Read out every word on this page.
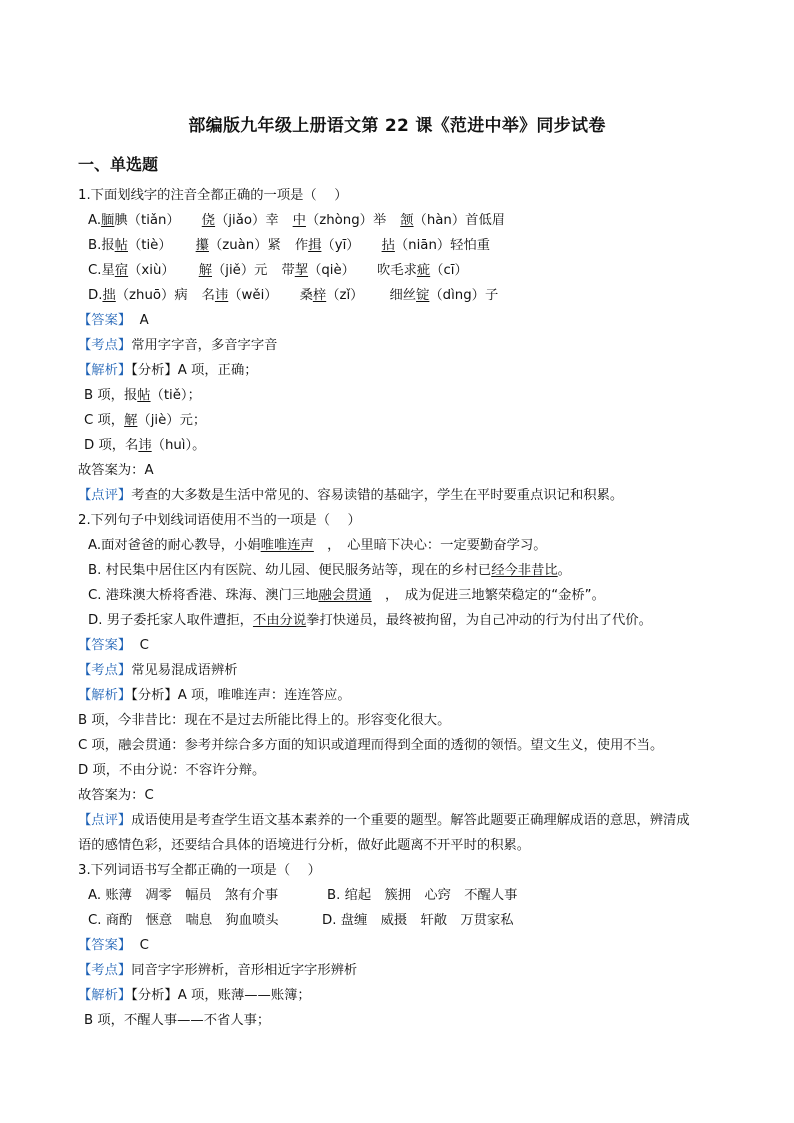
部编版九年级上册语文第 22 课《范进中举》同步试卷
一、单选题
1.下面划线字的注音全都正确的一项是（　 ）
A.腼腆（tiǎn） 侥（jiǎo）幸 中（zhòng）举 颔（hàn）首低眉
B.报帖（tiè） 攥（zuàn）紧 作揖（yī） 拈（niān）轻怕重
C.星宿（xiù） 解（jiě）元 带挈（qiè） 吹毛求疵（cī）
D.拙（zhuō）病 名讳（wěi） 桑梓（zǐ） 细丝锭（dìng）子
【答案】 A
【考点】常用字字音，多音字字音
【解析】【分析】A 项，正确；
B 项，报帖（tiě）；
C 项，解（jiè）元；
D 项，名讳（huì）。
故答案为：A
【点评】考查的大多数是生活中常见的、容易读错的基础字，学生在平时要重点识记和积累。
2.下列句子中划线词语使用不当的一项是（　 ）
A.面对爸爸的耐心教导，小娟唯唯连声　，　心里暗下决心：一定要勤奋学习。
B. 村民集中居住区内有医院、幼儿园、便民服务站等，现在的乡村已经今非昔比。
C. 港珠澳大桥将香港、珠海、澳门三地融会贯通　，　成为促进三地繁荣稳定的“金桥”。
D. 男子委托家人取件遭拒，不由分说拳打快递员，最终被拘留，为自己冲动的行为付出了代价。
【答案】 C
【考点】常见易混成语辨析
【解析】【分析】A 项，唯唯连声：连连答应。
B 项，今非昔比：现在不是过去所能比得上的。形容变化很大。
C 项，融会贯通：参考并综合多方面的知识或道理而得到全面的透彻的领悟。望文生义，使用不当。
D 项，不由分说：不容许分辩。
故答案为：C
【点评】成语使用是考查学生语文基本素养的一个重要的题型。解答此题要正确理解成语的意思，辨清成
语的感情色彩，还要结合具体的语境进行分析，做好此题离不开平时的积累。
3.下列词语书写全都正确的一项是（　 ）
A. 账薄　凋零　幅员　煞有介事	B. 绾起　簇拥　心窍　不醒人事
C. 商酌　惬意　喘息　狗血喷头	D. 盘缠　威摄　轩敞　万贯家私
【答案】 C
【考点】同音字字形辨析，音形相近字字形辨析
【解析】【分析】A 项，账薄——账簿；
B 项，不醒人事——不省人事；
